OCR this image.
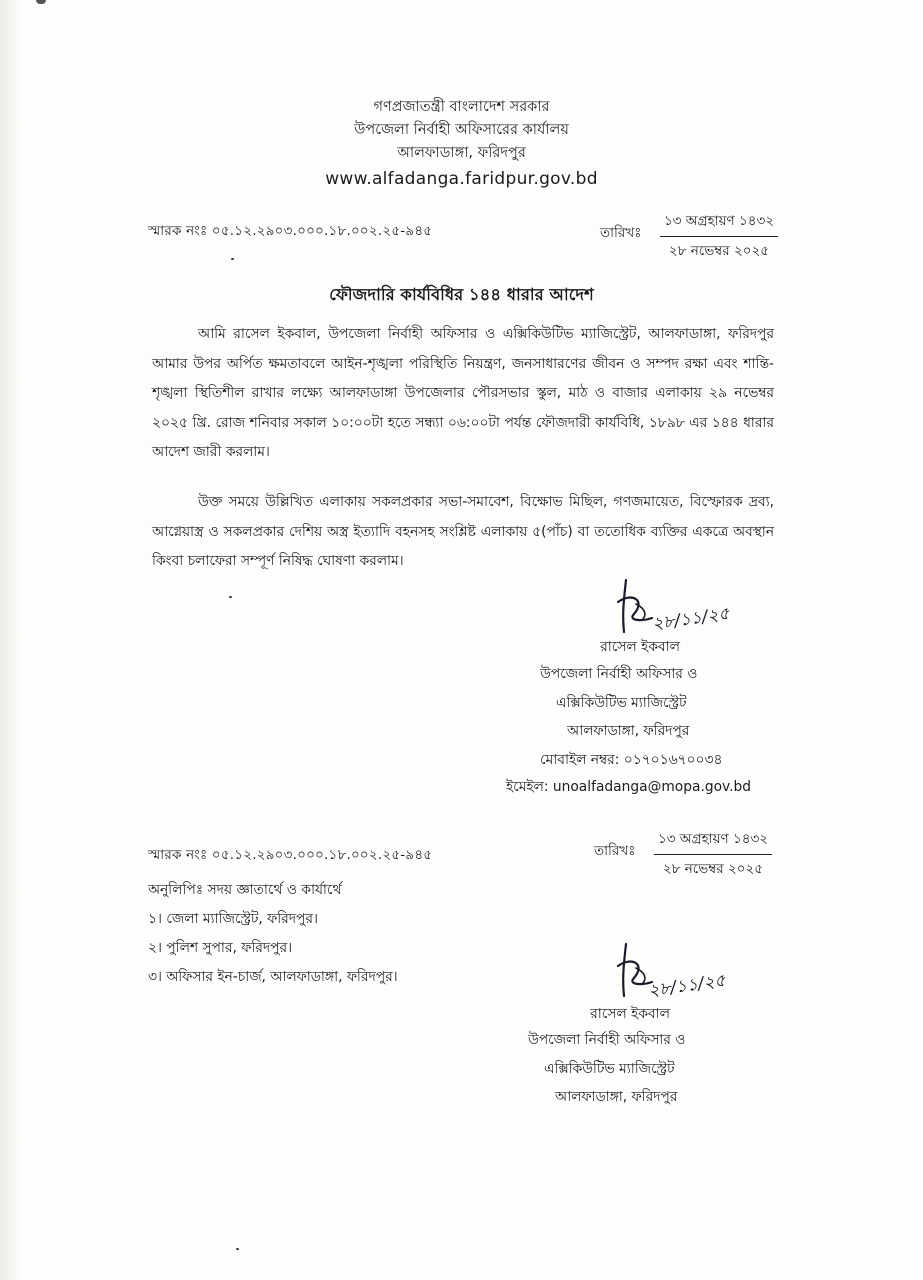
গণপ্রজাতন্ত্রী বাংলাদেশ সরকার
উপজেলা নির্বাহী অফিসারের কার্যালয়
আলফাডাঙ্গা, ফরিদপুর
www.alfadanga.faridpur.gov.bd
স্মারক নংঃ ০৫.১২.২৯০৩.০০০.১৮.০০২.২৫-৯৪৫	তারিখঃ
১৩ অগ্রহায়ণ ১৪৩২
২৮ নভেম্বর ২০২৫
ফৌজদারি কার্যবিধির ১৪৪ ধারার আদেশ
আমি রাসেল ইকবাল, উপজেলা নির্বাহী অফিসার ও এক্সিকিউটিভ ম্যাজিস্ট্রেট, আলফাডাঙ্গা, ফরিদপুর আমার উপর অর্পিত ক্ষমতাবলে আইন-শৃঙ্খলা পরিস্থিতি নিয়ন্ত্রণ, জনসাধারণের জীবন ও সম্পদ রক্ষা এবং শান্তি-শৃঙ্খলা স্থিতিশীল রাখার লক্ষ্যে আলফাডাঙ্গা উপজেলার পৌরসভার স্কুল, মাঠ ও বাজার এলাকায় ২৯ নভেম্বর ২০২৫ খ্রি. রোজ শনিবার সকাল ১০:০০টা হতে সন্ধ্যা ০৬:০০টা পর্যন্ত ফৌজদারী কার্যবিধি, ১৮৯৮ এর ১৪৪ ধারার আদেশ জারী করলাম।
উক্ত সময়ে উল্লিখিত এলাকায় সকলপ্রকার সভা-সমাবেশ, বিক্ষোভ মিছিল, গণজমায়েত, বিস্ফোরক দ্রব্য, আগ্নেয়াস্ত্র ও সকলপ্রকার দেশিয় অস্ত্র ইত্যাদি বহনসহ সংশ্লিষ্ট এলাকায় ৫(পাঁচ) বা ততোধিক ব্যক্তির একত্রে অবস্থান কিংবা চলাফেরা সম্পূর্ণ নিষিদ্ধ ঘোষণা করলাম।
২৮/১১/২৫
রাসেল ইকবাল
উপজেলা নির্বাহী অফিসার ও
এক্সিকিউটিভ ম্যাজিস্ট্রেট
আলফাডাঙ্গা, ফরিদপুর
মোবাইল নম্বর: ০১৭০১৬৭০০৩৪
ইমেইল: unoalfadanga@mopa.gov.bd
স্মারক নংঃ ০৫.১২.২৯০৩.০০০.১৮.০০২.২৫-৯৪৫	তারিখঃ
১৩ অগ্রহায়ণ ১৪৩২
২৮ নভেম্বর ২০২৫
অনুলিপিঃ সদয় জ্ঞাতার্থে ও কার্যার্থে
১। জেলা ম্যাজিস্ট্রেট, ফরিদপুর।
২। পুলিশ সুপার, ফরিদপুর।
৩। অফিসার ইন-চার্জ, আলফাডাঙ্গা, ফরিদপুর।	২৮/১১/২৫
রাসেল ইকবাল
উপজেলা নির্বাহী অফিসার ও
এক্সিকিউটিভ ম্যাজিস্ট্রেট
আলফাডাঙ্গা, ফরিদপুর
